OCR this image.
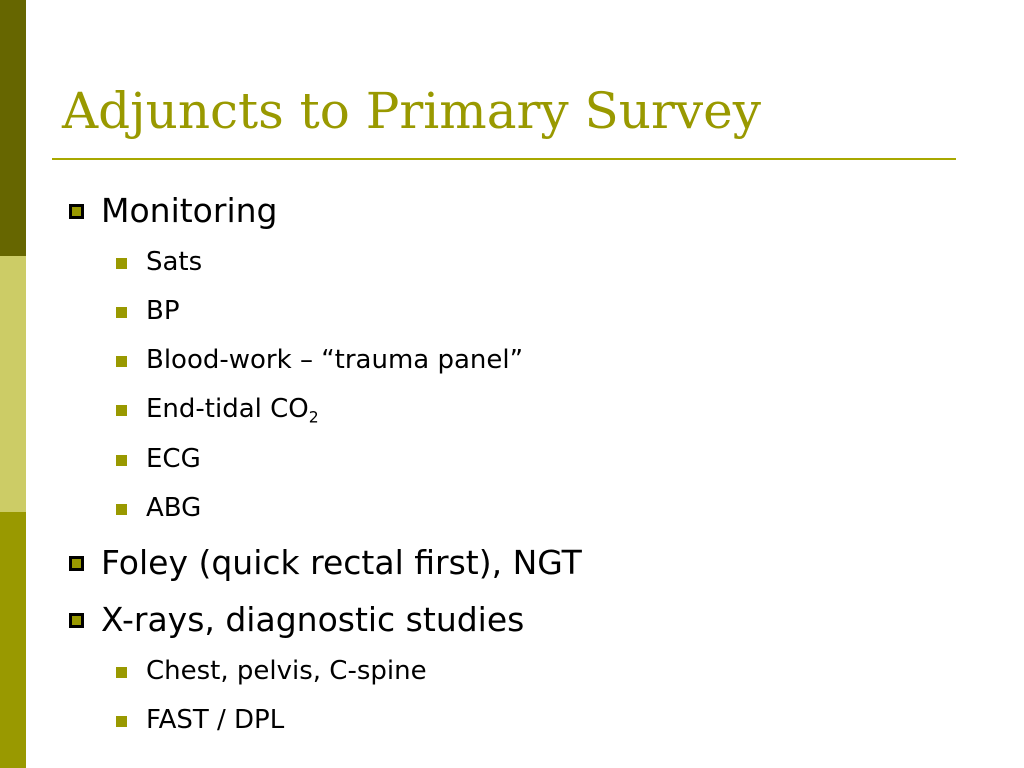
Adjuncts to Primary Survey
Monitoring
Sats
BP
Blood-work – “trauma panel”
End-tidal $CO_2$
ECG
ABG
Foley (quick rectal first), NGT
X-rays, diagnostic studies
Chest, pelvis, C-spine
FAST / DPL
